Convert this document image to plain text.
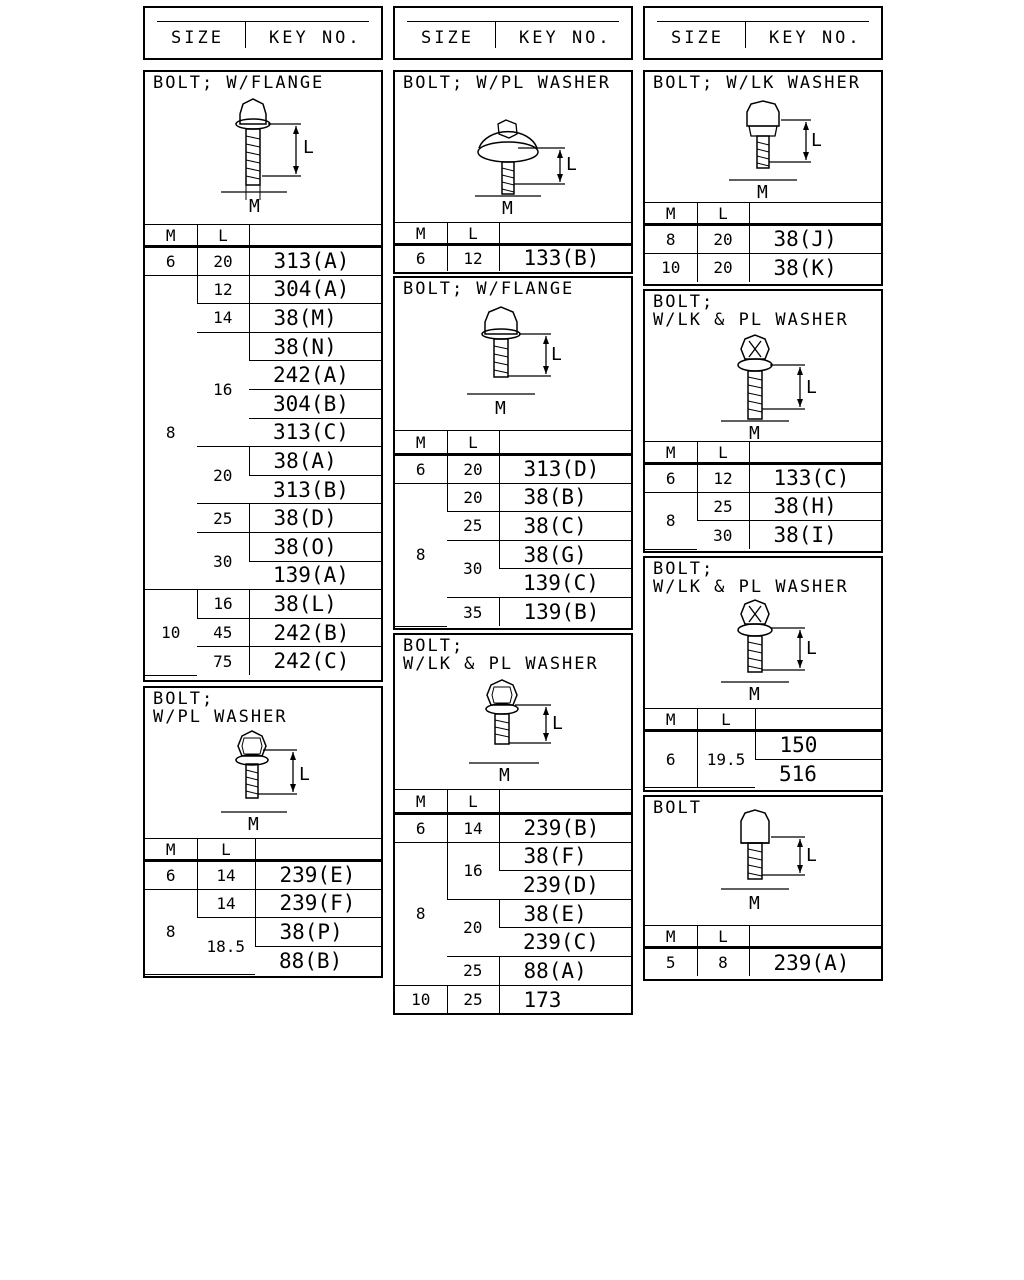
SIZE	KEY NO.
BOLT; W/FLANGE
L
M
M	L	
6	20	313(A)
8	12	304(A)
	14	38(M)
	16	38(N)
		242(A)
		304(B)
		313(C)
	20	38(A)
		313(B)
	25	38(D)
	30	38(O)
		139(A)
10	16	38(L)
	45	242(B)
	75	242(C)
BOLT;
W/PL WASHER
L
M
M	L	
6	14	239(E)
8	14	239(F)
	18.5	38(P)
		88(B)
SIZE	KEY NO.
BOLT; W/PL WASHER
L
M
M	L	
6	12	133(B)
BOLT; W/FLANGE
L
M
M	L	
6	20	313(D)
8	20	38(B)
	25	38(C)
	30	38(G)
		139(C)
	35	139(B)
BOLT;
W/LK & PL WASHER
L
M
M	L	
6	14	239(B)
8	16	38(F)
		239(D)
	20	38(E)
		239(C)
	25	88(A)
10	25	173
SIZE	KEY NO.
BOLT; W/LK WASHER
L
M
M	L	
8	20	38(J)
10	20	38(K)
BOLT;
W/LK & PL WASHER
L
M
M	L	
6	12	133(C)
8	25	38(H)
	30	38(I)
BOLT;
W/LK & PL WASHER
L
M
M	L	
6	19.5	150
		516
BOLT
L
M
M	L	
5	8	239(A)
